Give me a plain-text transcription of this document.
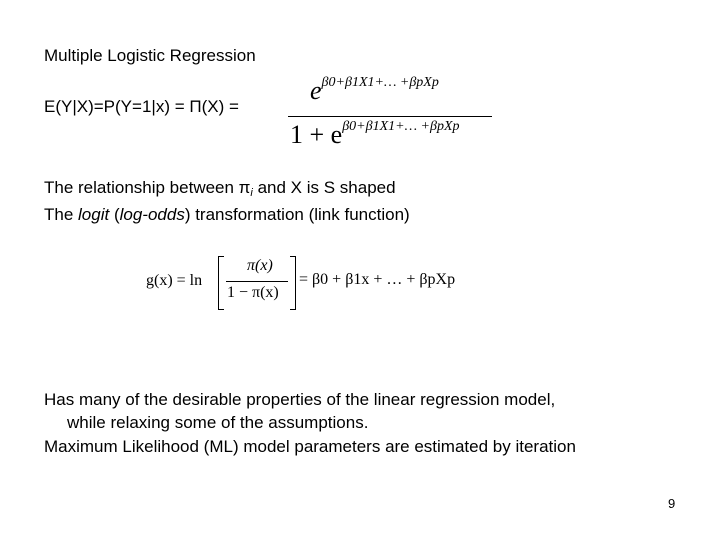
Multiple Logistic Regression
E(Y|X)=P(Y=1|x) = Π(X) =
$e^{\beta 0+\beta 1X1+\dots +\beta pXp}$
$1 + e^{\beta 0+\beta 1X1+\dots +\beta pXp}$
The relationship between πi and X is S shaped
The logit (log-odds) transformation (link function)
g(x) = ln
π(x)
1 − π(x)
= β0 + β1x + … + βpXp
Has many of the desirable properties of the linear regression model,
while relaxing some of the assumptions.
Maximum Likelihood (ML) model parameters are estimated by iteration
9
